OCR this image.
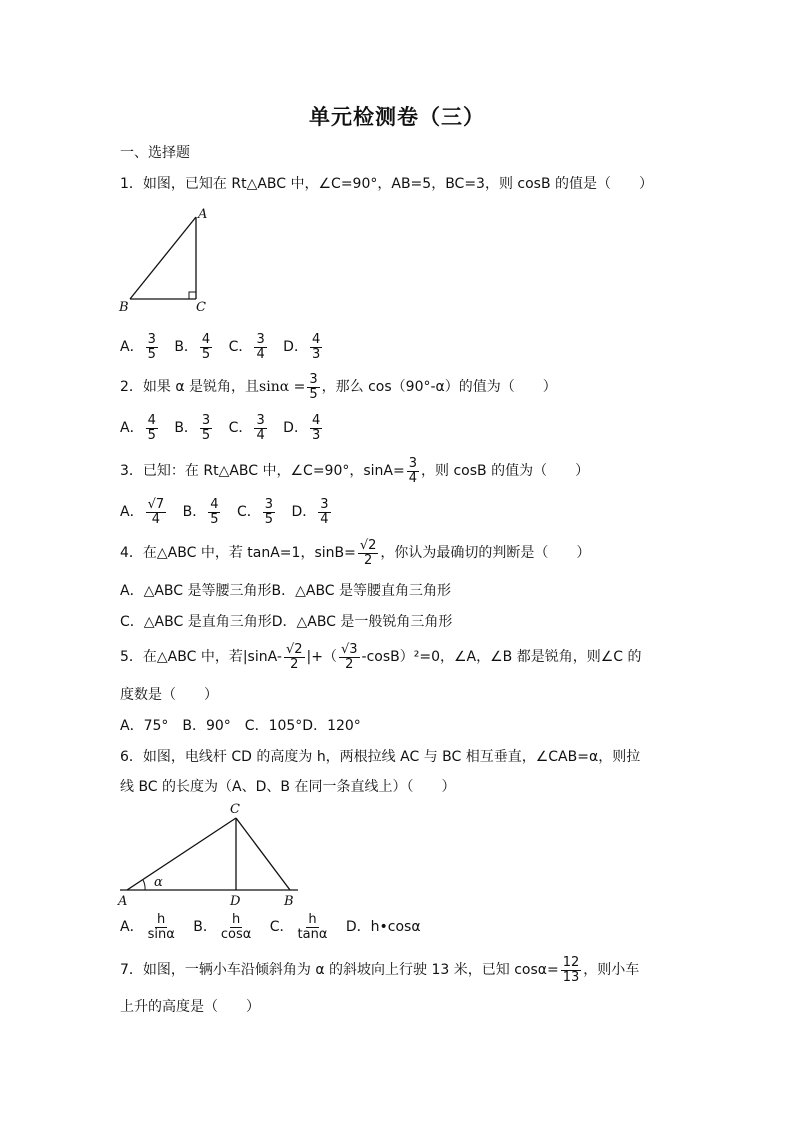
单元检测卷（三）
一、选择题
1．如图，已知在 Rt△ABC 中，∠C=90°，AB=5，BC=3，则 cosB 的值是（　　）
A
B	C
A． $\frac{3}{5}$ B． $\frac{4}{5}$ C． $\frac{3}{4}$ D． $\frac{4}{3}$
2．如果 α 是锐角，且$\sin\alpha = \frac{3}{5}$ ，那么 cos（90°-α）的值为（　　）
A． $\frac{4}{5}$ B． $\frac{3}{5}$ C． $\frac{3}{4}$ D． $\frac{4}{3}$
3．已知：在 Rt△ABC 中，∠C=90°，$\sin A= \frac{3}{4}$ ，则 cosB 的值为（　　）
A． $\frac{√7}{4}$ B． $\frac{4}{5}$ C． $\frac{3}{5}$ D． $\frac{3}{4}$
4．在△ABC 中，若 tanA=1，$\sin B= \frac{√2}{2}$ ，你认为最确切的判断是（　　）
A．△ABC 是等腰三角形B．△ABC 是等腰直角三角形
C．△ABC 是直角三角形D．△ABC 是一般锐角三角形
5．在△ABC 中，若$|\sin A- \frac{√2}{2}$ |+（ $\frac{√3}{2} -\cos B)^2=0$，∠A，∠B 都是锐角，则∠C 的
度数是（　　）
A．75°　B．90°　C．105°D．120°
6．如图，电线杆 CD 的高度为 h，两根拉线 AC 与 BC 相互垂直，∠CAB=α，则拉
线 BC 的长度为（A、D、B 在同一条直线上）（　　）
C
A	D	B
α
A． $\frac{h}{\sin\alpha}$ B． $\frac{h}{\cos\alpha}$ C． $\frac{h}{\tan\alpha}$ D．h•cosα
7．如图，一辆小车沿倾斜角为 α 的斜坡向上行驶 13 米，已知 $\cos\alpha= \frac{12}{13}$ ，则小车
上升的高度是（　　）
